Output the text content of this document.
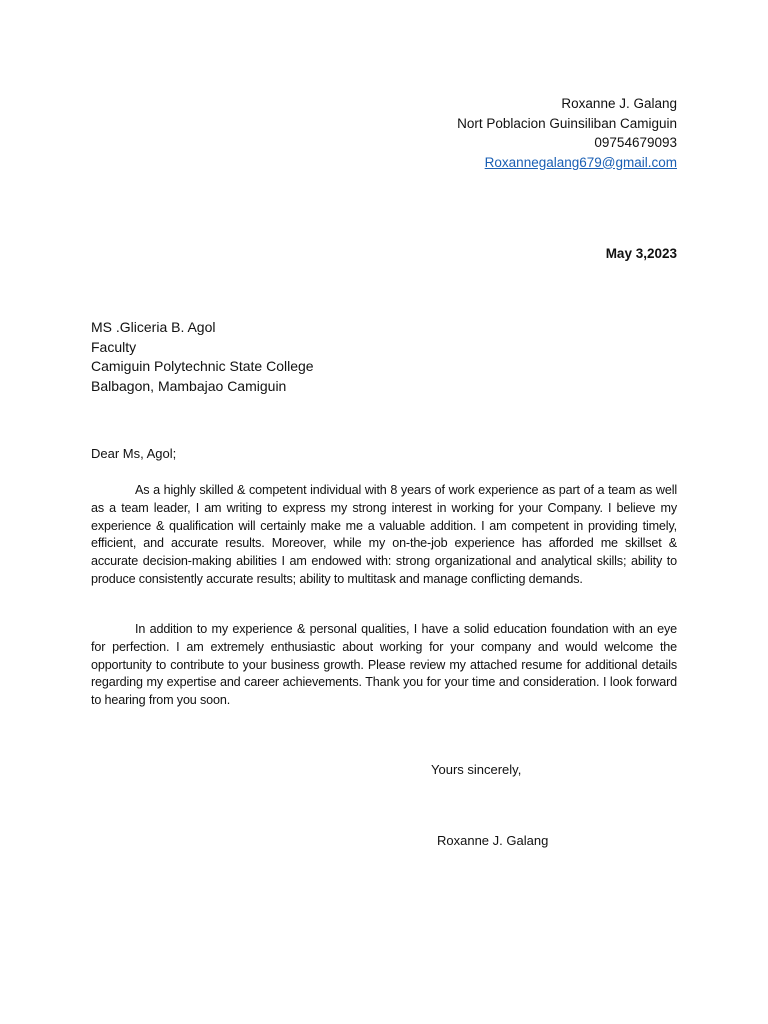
Roxanne J. Galang
Nort Poblacion Guinsiliban Camiguin
09754679093
Roxannegalang679@gmail.com
May 3,2023
MS .Gliceria B. Agol
Faculty
Camiguin Polytechnic State College
Balbagon, Mambajao Camiguin
Dear Ms, Agol;

As a highly skilled & competent individual with 8 years of work experience as part of a team as well as a team leader, I am writing to express my strong interest in working for your Company. I believe my experience & qualification will certainly make me a valuable addition. I am competent in providing timely, efficient, and accurate results. Moreover, while my on-the-job experience has afforded me skillset & accurate decision-making abilities I am endowed with: strong organizational and analytical skills; ability to produce consistently accurate results; ability to multitask and manage conflicting demands.

In addition to my experience & personal qualities, I have a solid education foundation with an eye for perfection. I am extremely enthusiastic about working for your company and would welcome the opportunity to contribute to your business growth. Please review my attached resume for additional details regarding my expertise and career achievements. Thank you for your time and consideration. I look forward to hearing from you soon.

Yours sincerely,
Roxanne J. Galang
